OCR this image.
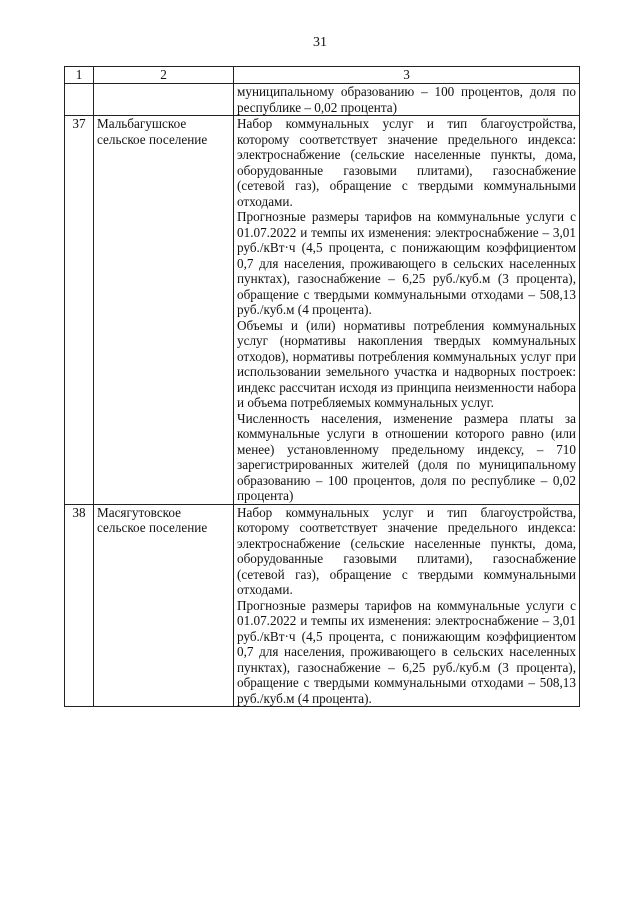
31
1	2	3

		муниципальному образованию – 100 процентов, доля по республике – 0,02 процента)

37	Мальбагушское сельское поселение	Набор коммунальных услуг и тип благоустройства, которому соответствует значение предельного индекса: электроснабжение (сельские населенные пункты, дома, оборудованные газовыми плитами), газоснабжение (сетевой газ), обращение с твердыми коммунальными отходами.

Прогнозные размеры тарифов на коммунальные услуги с 01.07.2022 и темпы их изменения: электроснабжение – 3,01 руб./кВт·ч (4,5 процента, с понижающим коэффициентом 0,7 для населения, проживающего в сельских населенных пунктах), газоснабжение – 6,25 руб./куб.м (3 процента), обращение с твердыми коммунальными отходами – 508,13 руб./куб.м (4 процента).

Объемы и (или) нормативы потребления коммунальных услуг (нормативы накопления твердых коммунальных отходов), нормативы потребления коммунальных услуг при использовании земельного участка и надворных построек: индекс рассчитан исходя из принципа неизменности набора и объема потребляемых коммунальных услуг.

Численность населения, изменение размера платы за коммунальные услуги в отношении которого равно (или менее) установленному предельному индексу, – 710 зарегистрированных жителей (доля по муниципальному образованию – 100 процентов, доля по республике – 0,02 процента)

38	Масягутовское сельское поселение	Набор коммунальных услуг и тип благоустройства, которому соответствует значение предельного индекса: электроснабжение (сельские населенные пункты, дома, оборудованные газовыми плитами), газоснабжение (сетевой газ), обращение с твердыми коммунальными отходами.

Прогнозные размеры тарифов на коммунальные услуги с 01.07.2022 и темпы их изменения: электроснабжение – 3,01 руб./кВт·ч (4,5 процента, с понижающим коэффициентом 0,7 для населения, проживающего в сельских населенных пунктах), газоснабжение – 6,25 руб./куб.м (3 процента), обращение с твердыми коммунальными отходами – 508,13 руб./куб.м (4 процента).
